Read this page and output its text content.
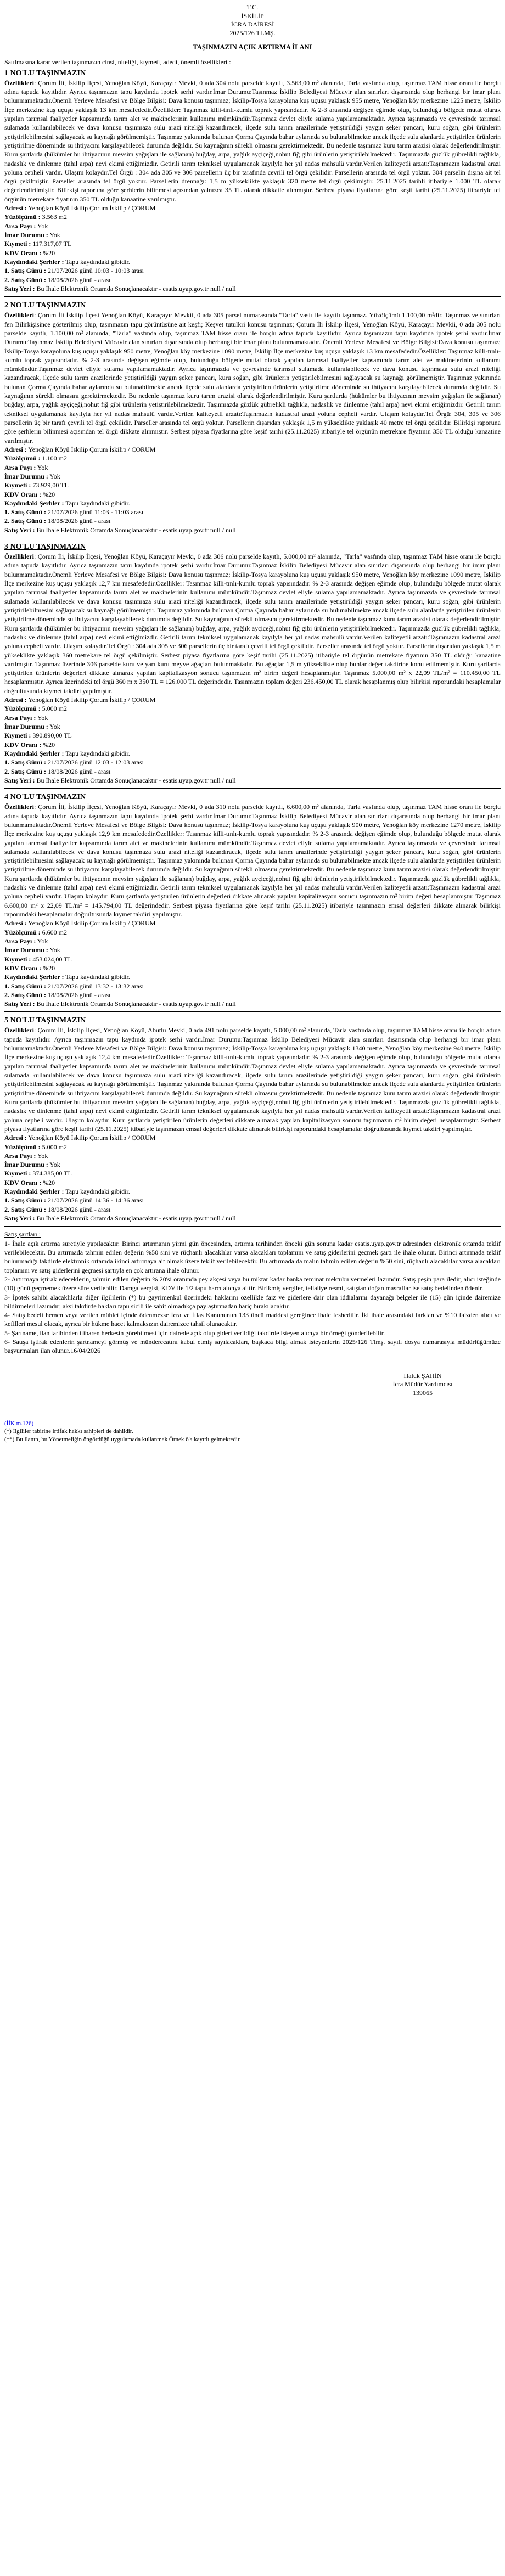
T.C.
İSKİLİP
İCRA DAİRESİ
2025/126 TLMŞ.
TAŞINMAZIN AÇIK ARTIRMA İLANI

Satılmasına karar verilen taşınmazın cinsi, niteliği, kıymeti, adedi, önemli özellikleri :

1 NO'LU TAŞINMAZIN

Özellikleri: Çorum İli, İskilip İlçesi, Yenoğlan Köyü, Karaçayır Mevki, 0 ada 304 nolu parselde kayıtlı, 3.563,00 m² alanında, Tarla vasfında olup, taşınmaz TAM hisse oranı ile borçlu adına tapuda kayıtlıdır. Ayrıca taşınmazın tapu kaydında ipotek şerhi vardır.İmar Durumu:Taşınmaz İskilip Belediyesi Mücavir alan sınırları dışarısında olup herhangi bir imar planı bulunmamaktadır.Önemli Yerleve Mesafesi ve Bölge Bilgisi: Dava konusu taşınmaz; İskilip-Tosya karayoluna kuş uçuşu yaklaşık 955 metre, Yenoğlan köy merkezine 1225 metre, İskilip İlçe merkezine kuş uçuşu yaklaşık 13 km mesafededir.Özellikler: Taşınmaz killi-tınlı-kumlu toprak yapısındadır. % 2-3 arasında değişen eğimde olup, bulunduğu bölgede mutat olarak yapılan tarımsal faaliyetler kapsamında tarım alet ve makinelerinin kullanımı mümkündür.Taşınmaz devlet eliyle sulama yapılamamaktadır. Ayrıca taşınmazda ve çevresinde tarımsal sulamada kullanılabilecek ve dava konusu taşınmaza sulu arazi niteliği kazandıracak, ilçede sulu tarım arazilerinde yetiştirildiği yaygın şeker pancarı, kuru soğan, gibi ürünlerin yetiştirilebilmesini sağlayacak su kaynağı görülmemiştir. Taşınmaz yakınında bulunan Çorma Çayında bahar aylarında su bulunabilmekte ancak ilçede sulu alanlarda yetiştirilen ürünlerin yetiştirilme döneminde su ihtiyacını karşılayabilecek durumda değildir. Su kaynağının sürekli olmasını gerektirmektedir. Bu nedenle taşınmaz kuru tarım arazisi olarak değerlendirilmiştir. Kuru şartlarda (hükümler bu ihtiyacının mevsim yağışları ile sağlanan) buğday, arpa, yağlık ayçiçeği,nohut fiğ gibi ürünlerin yetiştirilebilmektedir. Taşınmazda güzlük gübrelikli tağlıkla, nadaslık ve dinlenme (tahıl arpa) nevi ekimi ettiğimizdir. Getirili tarım tekniksel uygulamanak kayılyla her yıl nadas mahsulü vardır.Verilen kaliteyetli arzatı:Taşınmazın kadastral arazi yoluna cepheli vardır. Ulaşım kolaydır.Tel Örgü : 304 ada 305 ve 306 parsellerin üç bir tarafında çevrili tel örgü çekilidir. Parsellerin arasında tel örgü yoktur. 304 parselin dışına ait tel örgü çekilmiştir. Parseller arasında tel örgü yoktur. Parsellerin drennağı: 1,5 m yükseklikte yaklaşık 320 metre tel örgü çekilmiştir. 25.11.2025 tarihli itibariyle 1.000 TL olarak değerlendirilmiştir. Bilirkişi raporuna göre şerhlerin bilinmesi açısından yalnızca 35 TL olarak dikkatle alınmıştır. Serbest piyasa fiyatlarına göre keşif tarihi (25.11.2025) itibariyle tel örgünün metrekare fiyatının 350 TL olduğu kanaatine varılmıştır.

Adresi : Yenoğlan Köyü İskilip Çorum İskilip / ÇORUM

Yüzölçümü : 3.563 m2

Arsa Payı : Yok

İmar Durumu : Yok

Kıymeti : 117.317,07 TL

KDV Oranı : %20

Kaydındaki Şerhler : Tapu kaydındaki gibidir.

1. Satış Günü : 21/07/2026 günü 10:03 - 10:03 arası

2. Satış Günü : 18/08/2026 günü - arası

Satış Yeri : Bu İhale Elektronik Ortamda Sonuçlanacaktır - esatis.uyap.gov.tr null / null

2 NO'LU TAŞINMAZIN

Özellikleri: Çorum İli İskilip İlçesi Yenoğlan Köyü, Karaçayır Mevkii, 0 ada 305 parsel numarasında "Tarla" vasfı ile kayıtlı taşınmaz. Yüzölçümü 1.100,00 m²dir. Taşınmaz ve sınırları fen Bilirkişisince gösterilmiş olup, taşınmazın tapu görüntüsüne ait keşfi; Keşvet tutulkri konusu taşınmaz; Çorum İli İskilip İlçesi, Yenoğlan Köyü, Karaçayır Mevkii, 0 ada 305 nolu parselde kayıtlı, 1.100,00 m² alanında, "Tarla" vasfında olup, taşınmaz TAM hisse oranı ile borçlu adına tapuda kayıtlıdır. Ayrıca taşınmazın tapu kaydında ipotek şerhi vardır.İmar Durumu:Taşınmaz İskilip Belediyesi Mücavir alan sınırları dışarısında olup herhangi bir imar planı bulunmamaktadır. Önemli Yerleve Mesafesi ve Bölge Bilgisi:Dava konusu taşınmaz; İskilip-Tosya karayoluna kuş uçuşu yaklaşık 950 metre, Yenoğlan köy merkezine 1090 metre, İskilip İlçe merkezine kuş uçuşu yaklaşık 13 km mesafededir.Özellikler: Taşınmaz killi-tınlı-kumlu toprak yapısındadır. % 2-3 arasında değişen eğimde olup, bulunduğu bölgede mutat olarak yapılan tarımsal faaliyetler kapsamında tarım alet ve makinelerinin kullanımı mümkündür.Taşınmaz devlet eliyle sulama yapılamamaktadır. Ayrıca taşınmazda ve çevresinde tarımsal sulamada kullanılabilecek ve dava konusu taşınmaza sulu arazi niteliği kazandıracak, ilçede sulu tarım arazilerinde yetiştirildiği yaygın şeker pancarı, kuru soğan, gibi ürünlerin yetiştirilebilmesini sağlayacak su kaynağı görülmemiştir. Taşınmaz yakınında bulunan Çorma Çayında bahar aylarında su bulunabilmekte ancak ilçede sulu alanlarda yetiştirilen ürünlerin yetiştirilme döneminde su ihtiyacını karşılayabilecek durumda değildir. Su kaynağının sürekli olmasını gerektirmektedir. Bu nedenle taşınmaz kuru tarım arazisi olarak değerlendirilmiştir. Kuru şartlarda (hükümler bu ihtiyacının mevsim yağışları ile sağlanan) buğday, arpa, yağlık ayçiçeği,nohut fiğ gibi ürünlerin yetiştirilebilmektedir. Taşınmazda güzlük gübrelikli tağlıkla, nadaslık ve dinlenme (tahıl arpa) nevi ekimi ettiğimizdir. Getirili tarım tekniksel uygulamanak kayılyla her yıl nadas mahsulü vardır.Verilen kaliteyetli arzatı:Taşınmazın kadastral arazi yoluna cepheli vardır. Ulaşım kolaydır.Tel Örgü: 304, 305 ve 306 parsellerin üç bir tarafı çevrili tel örgü çekilidir. Parseller arasında tel örgü yoktur. Parsellerin dışarıdan yaklaşık 1,5 m yükseklikte yaklaşık 40 metre tel örgü çekilidir. Bilirkişi raporuna göre şerhlerin bilinmesi açısından tel örgü dikkate alınmıştır. Serbest piyasa fiyatlarına göre keşif tarihi (25.11.2025) itibariyle tel örgünün metrekare fiyatının 350 TL olduğu kanaatine varılmıştır.

Adresi : Yenoğlan Köyü İskilip Çorum İskilip / ÇORUM

Yüzölçümü : 1.100 m2

Arsa Payı : Yok

İmar Durumu : Yok

Kıymeti : 73.929,00 TL

KDV Oranı : %20

Kaydındaki Şerhler : Tapu kaydındaki gibidir.

1. Satış Günü : 21/07/2026 günü 11:03 - 11:03 arası

2. Satış Günü : 18/08/2026 günü - arası

Satış Yeri : Bu İhale Elektronik Ortamda Sonuçlanacaktır - esatis.uyap.gov.tr null / null

3 NO'LU TAŞINMAZIN

Özellikleri: Çorum İli, İskilip İlçesi, Yenoğlan Köyü, Karaçayır Mevki, 0 ada 306 nolu parselde kayıtlı, 5.000,00 m² alanında, "Tarla" vasfında olup, taşınmaz TAM hisse oranı ile borçlu adına tapuda kayıtlıdır. Ayrıca taşınmazın tapu kaydında ipotek şerhi vardır.İmar Durumu:Taşınmaz İskilip Belediyesi Mücavir alan sınırları dışarısında olup herhangi bir imar planı bulunmamaktadır.Önemli Yerleve Mesafesi ve Bölge Bilgisi: Dava konusu taşınmaz; İskilip-Tosya karayoluna kuş uçuşu yaklaşık 950 metre, Yenoğlan köy merkezine 1090 metre, İskilip İlçe merkezine kuş uçuşu yaklaşık 12,7 km mesafededir.Özellikler: Taşınmaz killi-tınlı-kumlu toprak yapısındadır. % 2-3 arasında değişen eğimde olup, bulunduğu bölgede mutat olarak yapılan tarımsal faaliyetler kapsamında tarım alet ve makinelerinin kullanımı mümkündür.Taşınmaz devlet eliyle sulama yapılamamaktadır. Ayrıca taşınmazda ve çevresinde tarımsal sulamada kullanılabilecek ve dava konusu taşınmaza sulu arazi niteliği kazandıracak, ilçede sulu tarım arazilerinde yetiştirildiği yaygın şeker pancarı, kuru soğan, gibi ürünlerin yetiştirilebilmesini sağlayacak su kaynağı görülmemiştir. Taşınmaz yakınında bulunan Çorma Çayında bahar aylarında su bulunabilmekte ancak ilçede sulu alanlarda yetiştirilen ürünlerin yetiştirilme döneminde su ihtiyacını karşılayabilecek durumda değildir. Su kaynağının sürekli olmasını gerektirmektedir. Bu nedenle taşınmaz kuru tarım arazisi olarak değerlendirilmiştir. Kuru şartlarda (hükümler bu ihtiyacının mevsim yağışları ile sağlanan) buğday, arpa, yağlık ayçiçeği,nohut fiğ gibi ürünlerin yetiştirilebilmektedir. Taşınmazda güzlük gübrelikli tağlıkla, nadaslık ve dinlenme (tahıl arpa) nevi ekimi ettiğimizdir. Getirili tarım tekniksel uygulamanak kayılyla her yıl nadas mahsulü vardır.Verilen kaliteyetli arzatı:Taşınmazın kadastral arazi yoluna cepheli vardır. Ulaşım kolaydır.Tel Örgü : 304 ada 305 ve 306 parsellerin üç bir tarafı çevrili tel örgü çekilidir. Parseller arasında tel örgü yoktur. Parsellerin dışarıdan yaklaşık 1,5 m yükseklikte yaklaşık 360 metrekare tel örgü çekilmiştir. Serbest piyasa fiyatlarına göre keşif tarihi (25.11.2025) itibariyle tel örgünün metrekare fiyatının 350 TL olduğu kanaatine varılmıştır. Taşınmaz üzerinde 306 parselde kuru ve yarı kuru meyve ağaçları bulunmaktadır. Bu ağaçlar 1,5 m yükseklikte olup bunlar değer takdirine konu edilmemiştir. Kuru şartlarda yetiştirilen ürünlerin değerleri dikkate alınarak yapılan kapitalizasyon sonucu taşınmazın m² birim değeri hesaplanmıştır. Taşınmaz 5.000,00 m² x 22,09 TL/m² = 110.450,00 TL hesaplanmıştır. Ayrıca üzerindeki tel örgü 360 m x 350 TL = 126.000 TL değerindedir. Taşınmazın toplam değeri 236.450,00 TL olarak hesaplanmış olup bilirkişi raporundaki hesaplamalar doğrultusunda kıymet takdiri yapılmıştır.

Adresi : Yenoğlan Köyü İskilip Çorum İskilip / ÇORUM

Yüzölçümü : 5.000 m2

Arsa Payı : Yok

İmar Durumu : Yok

Kıymeti : 390.890,00 TL

KDV Oranı : %20

Kaydındaki Şerhler : Tapu kaydındaki gibidir.

1. Satış Günü : 21/07/2026 günü 12:03 - 12:03 arası

2. Satış Günü : 18/08/2026 günü - arası

Satış Yeri : Bu İhale Elektronik Ortamda Sonuçlanacaktır - esatis.uyap.gov.tr null / null

4 NO'LU TAŞINMAZIN

Özellikleri: Çorum İli, İskilip İlçesi, Yenoğlan Köyü, Karaçayır Mevki, 0 ada 310 nolu parselde kayıtlı, 6.600,00 m² alanında, Tarla vasfında olup, taşınmaz TAM hisse oranı ile borçlu adına tapuda kayıtlıdır. Ayrıca taşınmazın tapu kaydında ipotek şerhi vardır.İmar Durumu:Taşınmaz İskilip Belediyesi Mücavir alan sınırları dışarısında olup herhangi bir imar planı bulunmamaktadır.Önemli Yerleve Mesafesi ve Bölge Bilgisi: Dava konusu taşınmaz; İskilip-Tosya karayoluna kuş uçuşu yaklaşık 900 metre, Yenoğlan köy merkezine 1270 metre, İskilip İlçe merkezine kuş uçuşu yaklaşık 12,9 km mesafededir.Özellikler: Taşınmaz killi-tınlı-kumlu toprak yapısındadır. % 2-3 arasında değişen eğimde olup, bulunduğu bölgede mutat olarak yapılan tarımsal faaliyetler kapsamında tarım alet ve makinelerinin kullanımı mümkündür.Taşınmaz devlet eliyle sulama yapılamamaktadır. Ayrıca taşınmazda ve çevresinde tarımsal sulamada kullanılabilecek ve dava konusu taşınmaza sulu arazi niteliği kazandıracak, ilçede sulu tarım arazilerinde yetiştirildiği yaygın şeker pancarı, kuru soğan, gibi ürünlerin yetiştirilebilmesini sağlayacak su kaynağı görülmemiştir. Taşınmaz yakınında bulunan Çorma Çayında bahar aylarında su bulunabilmekte ancak ilçede sulu alanlarda yetiştirilen ürünlerin yetiştirilme döneminde su ihtiyacını karşılayabilecek durumda değildir. Su kaynağının sürekli olmasını gerektirmektedir. Bu nedenle taşınmaz kuru tarım arazisi olarak değerlendirilmiştir. Kuru şartlarda (hükümler bu ihtiyacının mevsim yağışları ile sağlanan) buğday, arpa, yağlık ayçiçeği,nohut fiğ gibi ürünlerin yetiştirilebilmektedir. Taşınmazda güzlük gübrelikli tağlıkla, nadaslık ve dinlenme (tahıl arpa) nevi ekimi ettiğimizdir. Getirili tarım tekniksel uygulamanak kayılyla her yıl nadas mahsulü vardır.Verilen kaliteyetli arzatı:Taşınmazın kadastral arazi yoluna cepheli vardır. Ulaşım kolaydır. Kuru şartlarda yetiştirilen ürünlerin değerleri dikkate alınarak yapılan kapitalizasyon sonucu taşınmazın m² birim değeri hesaplanmıştır. Taşınmaz 6.600,00 m² x 22,09 TL/m² = 145.794,00 TL değerindedir. Serbest piyasa fiyatlarına göre keşif tarihi (25.11.2025) itibariyle taşınmazın emsal değerleri dikkate alınarak bilirkişi raporundaki hesaplamalar doğrultusunda kıymet takdiri yapılmıştır.

Adresi : Yenoğlan Köyü İskilip Çorum İskilip / ÇORUM

Yüzölçümü : 6.600 m2

Arsa Payı : Yok

İmar Durumu : Yok

Kıymeti : 453.024,00 TL

KDV Oranı : %20

Kaydındaki Şerhler : Tapu kaydındaki gibidir.

1. Satış Günü : 21/07/2026 günü 13:32 - 13:32 arası

2. Satış Günü : 18/08/2026 günü - arası

Satış Yeri : Bu İhale Elektronik Ortamda Sonuçlanacaktır - esatis.uyap.gov.tr null / null

5 NO'LU TAŞINMAZIN

Özellikleri: Çorum İli, İskilip İlçesi, Yenoğlan Köyü, Abutlu Mevki, 0 ada 491 nolu parselde kayıtlı, 5.000,00 m² alanında, Tarla vasfında olup, taşınmaz TAM hisse oranı ile borçlu adına tapuda kayıtlıdır. Ayrıca taşınmazın tapu kaydında ipotek şerhi vardır.İmar Durumu:Taşınmaz İskilip Belediyesi Mücavir alan sınırları dışarısında olup herhangi bir imar planı bulunmamaktadır.Önemli Yerleve Mesafesi ve Bölge Bilgisi: Dava konusu taşınmaz; İskilip-Tosya karayoluna kuş uçuşu yaklaşık 1340 metre, Yenoğlan köy merkezine 940 metre, İskilip İlçe merkezine kuş uçuşu yaklaşık 12,4 km mesafededir.Özellikler: Taşınmaz killi-tınlı-kumlu toprak yapısındadır. % 2-3 arasında değişen eğimde olup, bulunduğu bölgede mutat olarak yapılan tarımsal faaliyetler kapsamında tarım alet ve makinelerinin kullanımı mümkündür.Taşınmaz devlet eliyle sulama yapılamamaktadır. Ayrıca taşınmazda ve çevresinde tarımsal sulamada kullanılabilecek ve dava konusu taşınmaza sulu arazi niteliği kazandıracak, ilçede sulu tarım arazilerinde yetiştirildiği yaygın şeker pancarı, kuru soğan, gibi ürünlerin yetiştirilebilmesini sağlayacak su kaynağı görülmemiştir. Taşınmaz yakınında bulunan Çorma Çayında bahar aylarında su bulunabilmekte ancak ilçede sulu alanlarda yetiştirilen ürünlerin yetiştirilme döneminde su ihtiyacını karşılayabilecek durumda değildir. Su kaynağının sürekli olmasını gerektirmektedir. Bu nedenle taşınmaz kuru tarım arazisi olarak değerlendirilmiştir. Kuru şartlarda (hükümler bu ihtiyacının mevsim yağışları ile sağlanan) buğday, arpa, yağlık ayçiçeği,nohut fiğ gibi ürünlerin yetiştirilebilmektedir. Taşınmazda güzlük gübrelikli tağlıkla, nadaslık ve dinlenme (tahıl arpa) nevi ekimi ettiğimizdir. Getirili tarım tekniksel uygulamanak kayılyla her yıl nadas mahsulü vardır.Verilen kaliteyetli arzatı:Taşınmazın kadastral arazi yoluna cepheli vardır. Ulaşım kolaydır. Kuru şartlarda yetiştirilen ürünlerin değerleri dikkate alınarak yapılan kapitalizasyon sonucu taşınmazın m² birim değeri hesaplanmıştır. Serbest piyasa fiyatlarına göre keşif tarihi (25.11.2025) itibariyle taşınmazın emsal değerleri dikkate alınarak bilirkişi raporundaki hesaplamalar doğrultusunda kıymet takdiri yapılmıştır.

Adresi : Yenoğlan Köyü İskilip Çorum İskilip / ÇORUM

Yüzölçümü : 5.000 m2

Arsa Payı : Yok

İmar Durumu : Yok

Kıymeti : 374.385,00 TL

KDV Oranı : %20

Kaydındaki Şerhler : Tapu kaydındaki gibidir.

1. Satış Günü : 21/07/2026 günü 14:36 - 14:36 arası

2. Satış Günü : 18/08/2026 günü - arası

Satış Yeri : Bu İhale Elektronik Ortamda Sonuçlanacaktır - esatis.uyap.gov.tr null / null

Satış şartları :

1- İhale açık artırma suretiyle yapılacaktır. Birinci artırmanın yirmi gün öncesinden, artırma tarihinden önceki gün sonuna kadar esatis.uyap.gov.tr adresinden elektronik ortamda teklif verilebilecektir. Bu artırmada tahmin edilen değerin %50 sini ve rüçhanlı alacaklılar varsa alacakları toplamını ve satış giderlerini geçmek şartı ile ihale olunur. Birinci artırmada teklif bulunmadığı takdirde elektronik ortamda ikinci artırmaya ait olmak üzere teklif verilebilecektir. Bu artırmada da malın tahmin edilen değerin %50 sini, rüçhanlı alacaklılar varsa alacakları toplamını ve satış giderlerini geçmesi şartıyla en çok artırana ihale olunur.

2- Artırmaya iştirak edeceklerin, tahmin edilen değerin % 20'si oranında pey akçesi veya bu miktar kadar banka teminat mektubu vermeleri lazımdır. Satış peşin para iledir, alıcı isteğinde (10) günü geçmemek üzere süre verilebilir. Damga vergisi, KDV ile 1/2 tapu harcı alıcıya aittir. Birikmiş vergiler, tellaliye resmi, satıştan doğan masraflar ise satış bedelinden ödenir.

3- İpotek sahibi alacaklılarla diğer ilgililerin (*) bu gayrimenkul üzerindeki haklarını özellikle faiz ve giderlere dair olan iddialarını dayanağı belgeler ile (15) gün içinde dairemize bildirmeleri lazımdır; aksi takdirde hakları tapu sicili ile sabit olmadıkça paylaştırmadan hariç bırakılacaktır.

4- Satış bedeli hemen veya verilen mühlet içinde ödenmezse İcra ve İflas Kanununun 133 üncü maddesi gereğince ihale feshedilir. İki ihale arasındaki farktan ve %10 faizden alıcı ve kefilleri mesul olacak, ayrıca bir hükme hacet kalmaksızın dairemizce tahsil olunacaktır.

5- Şartname, ilan tarihinden itibaren herkesin görebilmesi için dairede açık olup gideri verildiği takdirde isteyen alıcıya bir örneği gönderilebilir.

6- Satışa iştirak edenlerin şartnameyi görmüş ve münderecatını kabul etmiş sayılacakları, başkaca bilgi almak isteyenlerin 2025/126 Tlmş. sayılı dosya numarasıyla müdürlüğümüze başvurmaları ilan olunur.16/04/2026

Haluk ŞAHİN
İcra Müdür Yardımcısı
139065
(İİK m.126)
(*) İlgililer tabirine irtifak hakkı sahipleri de dahildir.
(**) Bu ilanın, bu Yönetmeliğin öngördüğü uygulamada kullanmak Örnek 6'a kayıtlı gelmektedir.
